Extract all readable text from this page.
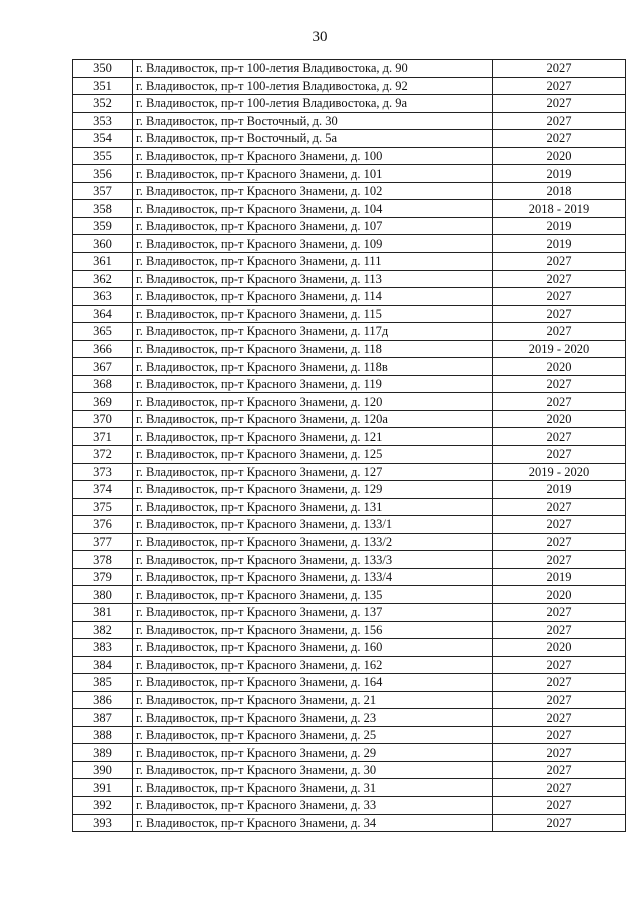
30
350	г. Владивосток, пр-т 100-летия Владивостока, д. 90	2027
351	г. Владивосток, пр-т 100-летия Владивостока, д. 92	2027
352	г. Владивосток, пр-т 100-летия Владивостока, д. 9а	2027
353	г. Владивосток, пр-т Восточный, д. 30	2027
354	г. Владивосток, пр-т Восточный, д. 5а	2027
355	г. Владивосток, пр-т Красного Знамени, д. 100	2020
356	г. Владивосток, пр-т Красного Знамени, д. 101	2019
357	г. Владивосток, пр-т Красного Знамени, д. 102	2018
358	г. Владивосток, пр-т Красного Знамени, д. 104	2018 - 2019
359	г. Владивосток, пр-т Красного Знамени, д. 107	2019
360	г. Владивосток, пр-т Красного Знамени, д. 109	2019
361	г. Владивосток, пр-т Красного Знамени, д. 111	2027
362	г. Владивосток, пр-т Красного Знамени, д. 113	2027
363	г. Владивосток, пр-т Красного Знамени, д. 114	2027
364	г. Владивосток, пр-т Красного Знамени, д. 115	2027
365	г. Владивосток, пр-т Красного Знамени, д. 117д	2027
366	г. Владивосток, пр-т Красного Знамени, д. 118	2019 - 2020
367	г. Владивосток, пр-т Красного Знамени, д. 118в	2020
368	г. Владивосток, пр-т Красного Знамени, д. 119	2027
369	г. Владивосток, пр-т Красного Знамени, д. 120	2027
370	г. Владивосток, пр-т Красного Знамени, д. 120а	2020
371	г. Владивосток, пр-т Красного Знамени, д. 121	2027
372	г. Владивосток, пр-т Красного Знамени, д. 125	2027
373	г. Владивосток, пр-т Красного Знамени, д. 127	2019 - 2020
374	г. Владивосток, пр-т Красного Знамени, д. 129	2019
375	г. Владивосток, пр-т Красного Знамени, д. 131	2027
376	г. Владивосток, пр-т Красного Знамени, д. 133/1	2027
377	г. Владивосток, пр-т Красного Знамени, д. 133/2	2027
378	г. Владивосток, пр-т Красного Знамени, д. 133/3	2027
379	г. Владивосток, пр-т Красного Знамени, д. 133/4	2019
380	г. Владивосток, пр-т Красного Знамени, д. 135	2020
381	г. Владивосток, пр-т Красного Знамени, д. 137	2027
382	г. Владивосток, пр-т Красного Знамени, д. 156	2027
383	г. Владивосток, пр-т Красного Знамени, д. 160	2020
384	г. Владивосток, пр-т Красного Знамени, д. 162	2027
385	г. Владивосток, пр-т Красного Знамени, д. 164	2027
386	г. Владивосток, пр-т Красного Знамени, д. 21	2027
387	г. Владивосток, пр-т Красного Знамени, д. 23	2027
388	г. Владивосток, пр-т Красного Знамени, д. 25	2027
389	г. Владивосток, пр-т Красного Знамени, д. 29	2027
390	г. Владивосток, пр-т Красного Знамени, д. 30	2027
391	г. Владивосток, пр-т Красного Знамени, д. 31	2027
392	г. Владивосток, пр-т Красного Знамени, д. 33	2027
393	г. Владивосток, пр-т Красного Знамени, д. 34	2027
